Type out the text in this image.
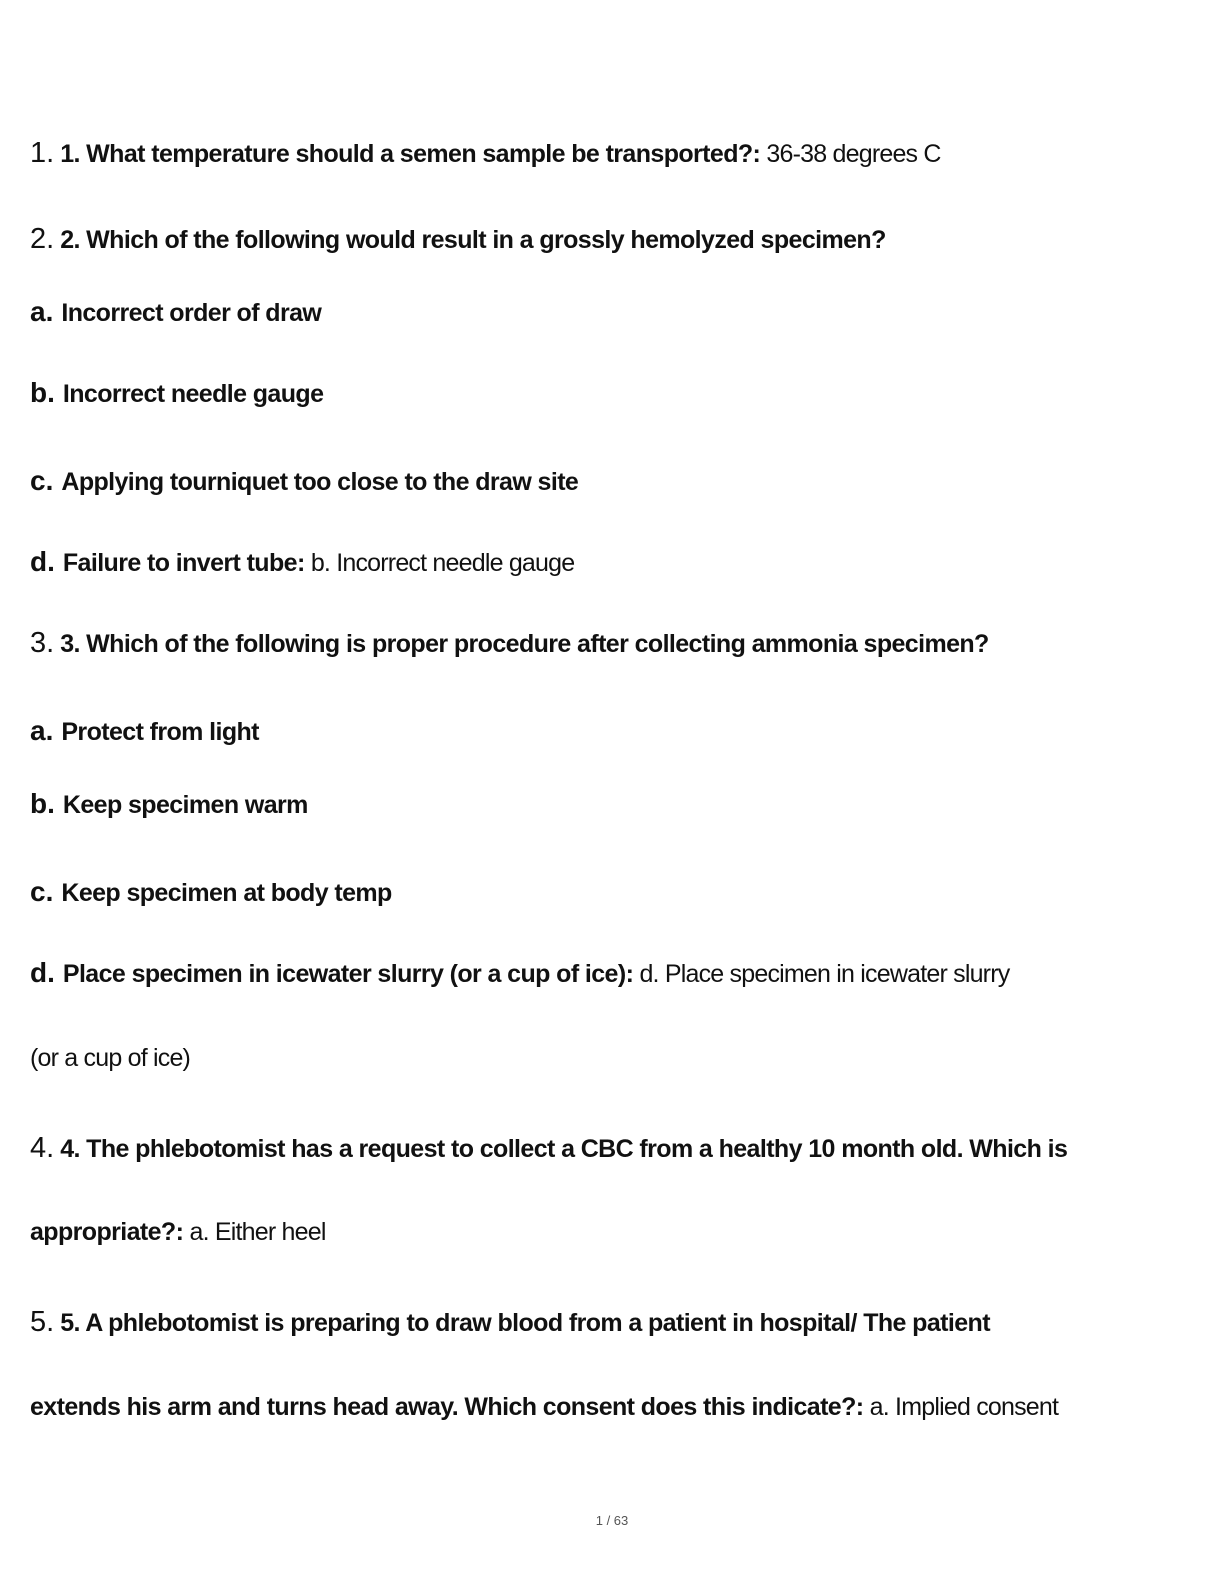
1. 1. What temperature should a semen sample be transported?: 36-38 degrees C
2. 2. Which of the following would result in a grossly hemolyzed specimen?
a. Incorrect order of draw
b. Incorrect needle gauge
c. Applying tourniquet too close to the draw site
d. Failure to invert tube: b. Incorrect needle gauge
3. 3. Which of the following is proper procedure after collecting ammonia specimen?
a. Protect from light
b. Keep specimen warm
c. Keep specimen at body temp
d. Place specimen in icewater slurry (or a cup of ice): d. Place specimen in icewater slurry
(or a cup of ice)
4. 4. The phlebotomist has a request to collect a CBC from a healthy 10 month old. Which is
appropriate?: a. Either heel
5. 5. A phlebotomist is preparing to draw blood from a patient in hospital/ The patient
extends his arm and turns head away. Which consent does this indicate?: a. Implied consent
1 / 63
